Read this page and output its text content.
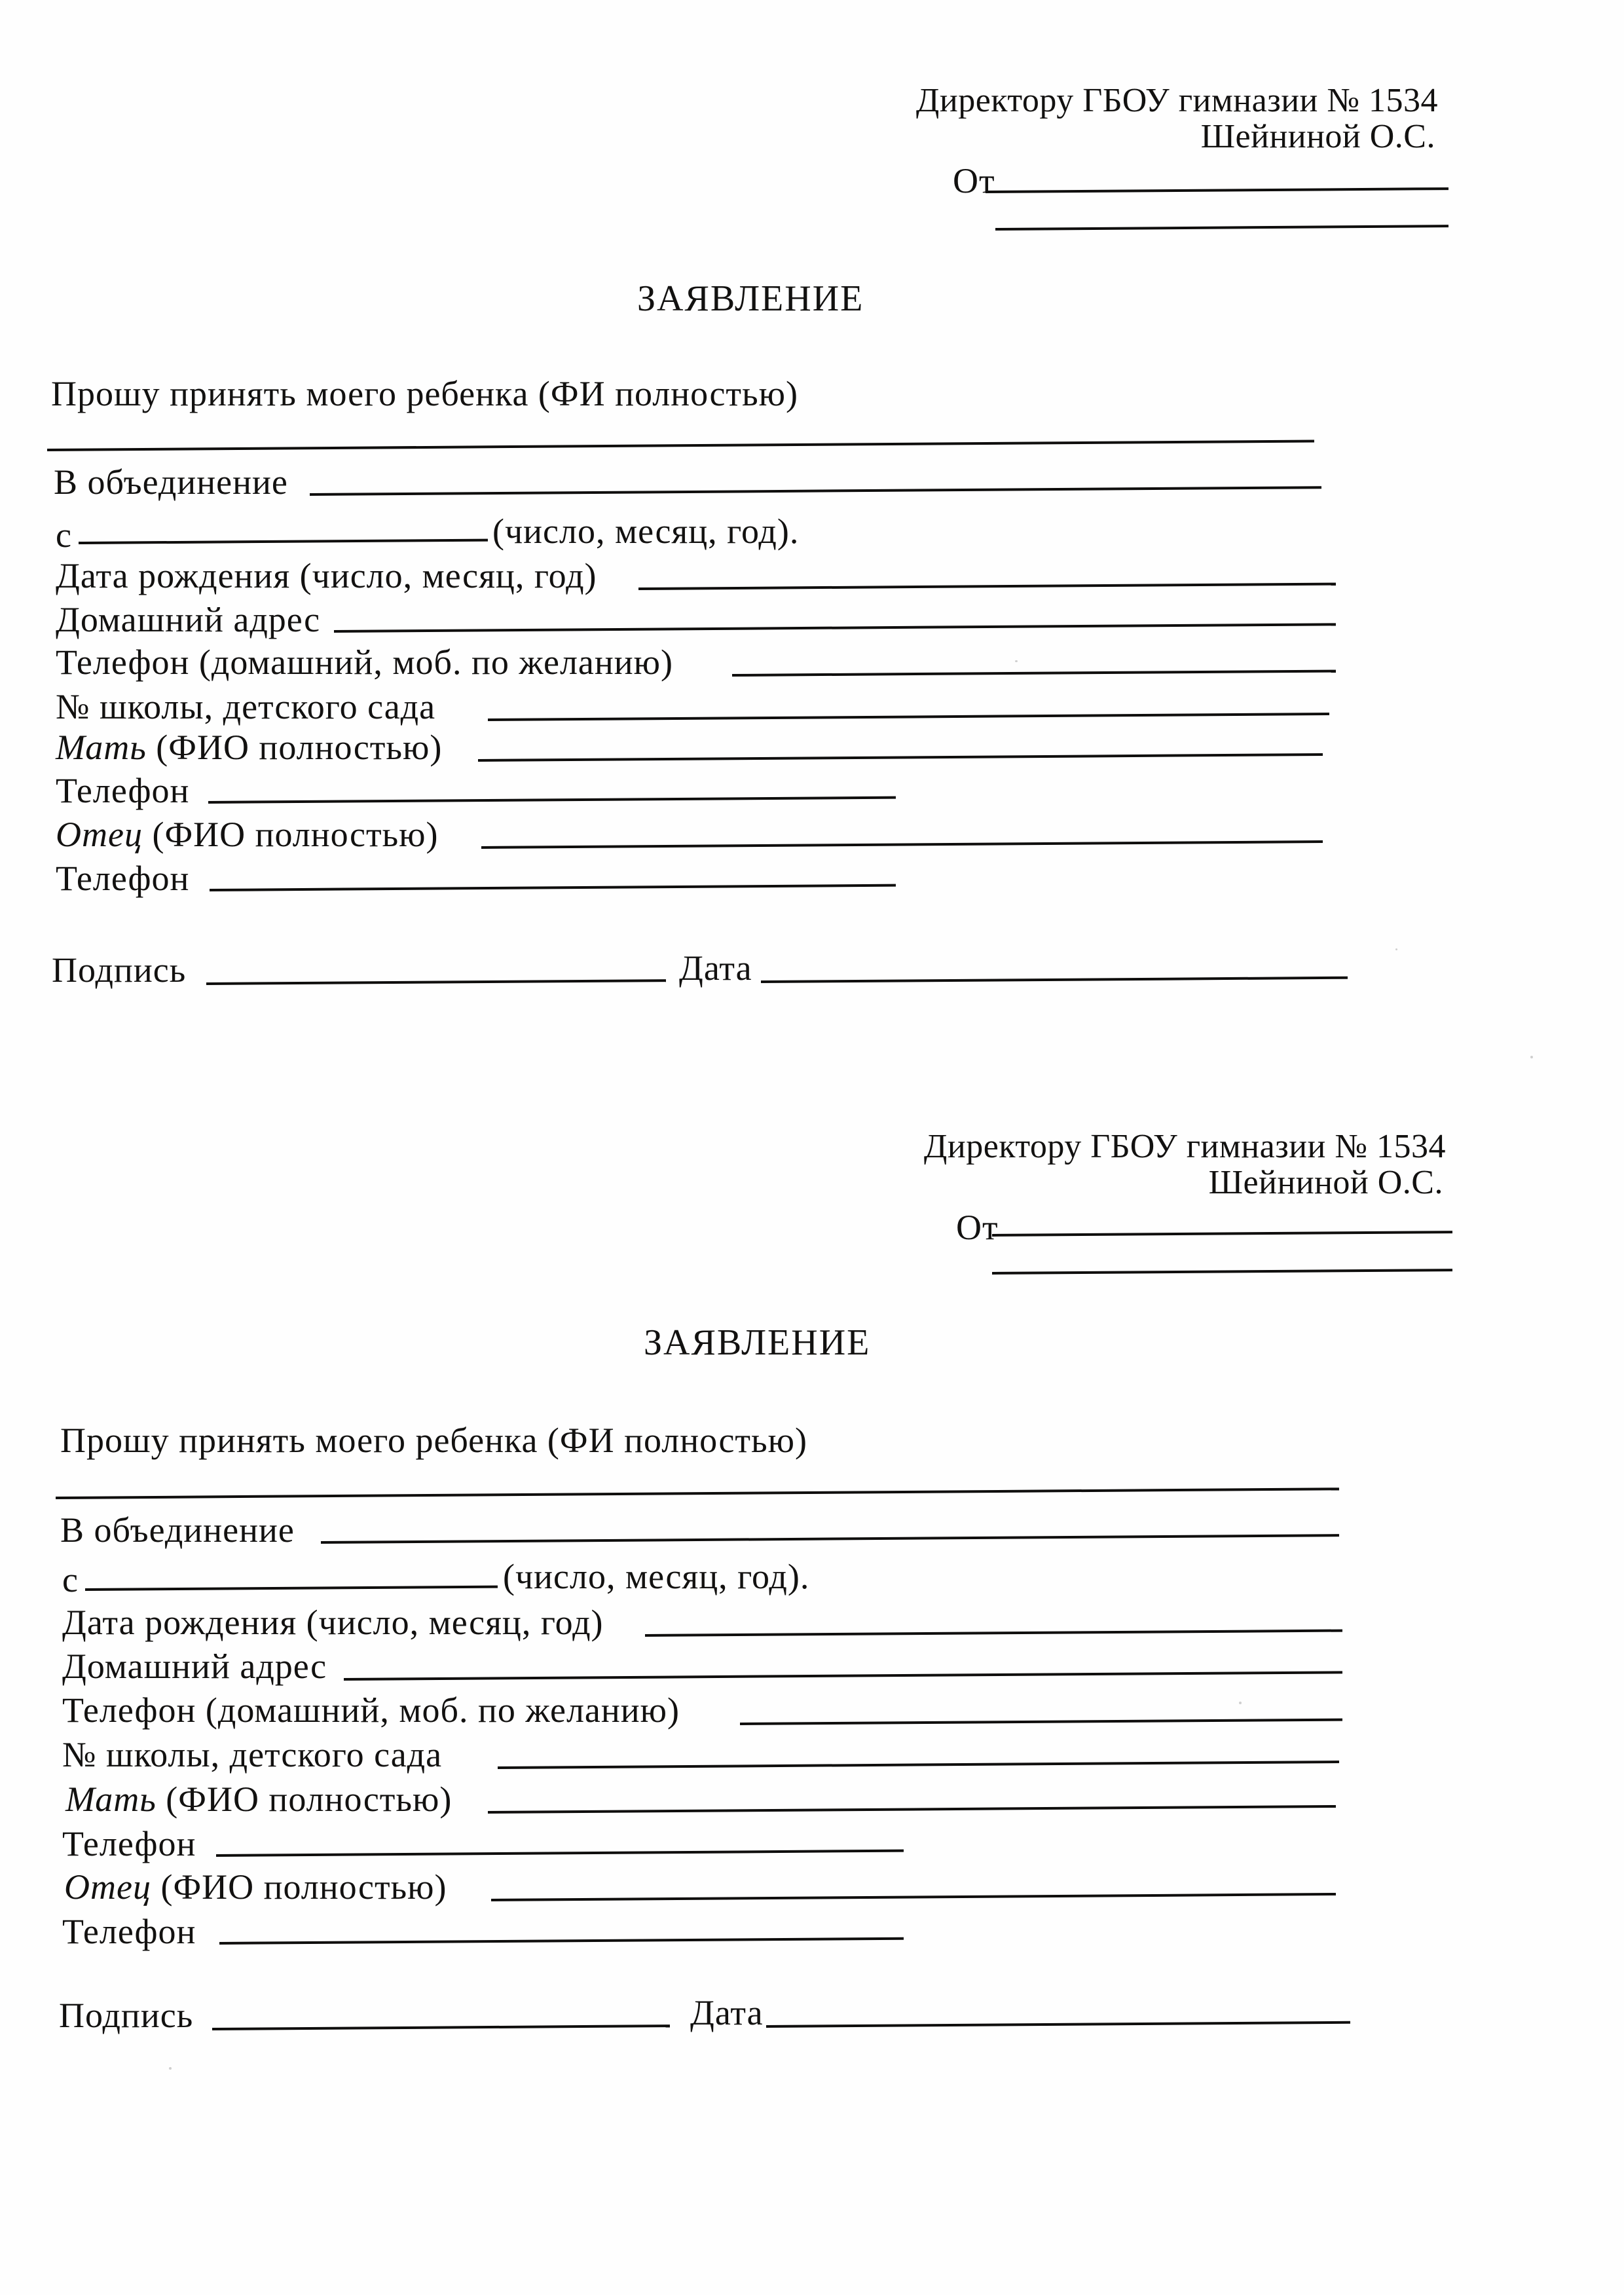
Директору ГБОУ гимназии № 1534
Шейниной О.С.
От
ЗАЯВЛЕНИЕ
Прошу принять моего ребенка (ФИ полностью)
В объединение
с	(число, месяц, год).
Дата рождения (число, месяц, год)
Домашний адрес
Телефон (домашний, моб. по желанию)
№ школы, детского сада
Мать (ФИО полностью)
Телефон
Отец (ФИО полностью)
Телефон
Подпись	Дата
Директору ГБОУ гимназии № 1534
Шейниной О.С.
От
ЗАЯВЛЕНИЕ
Прошу принять моего ребенка (ФИ полностью)
В объединение
с	(число, месяц, год).
Дата рождения (число, месяц, год)
Домашний адрес
Телефон (домашний, моб. по желанию)
№ школы, детского сада
Мать (ФИО полностью)
Телефон
Отец (ФИО полностью)
Телефон
Подпись	Дата
